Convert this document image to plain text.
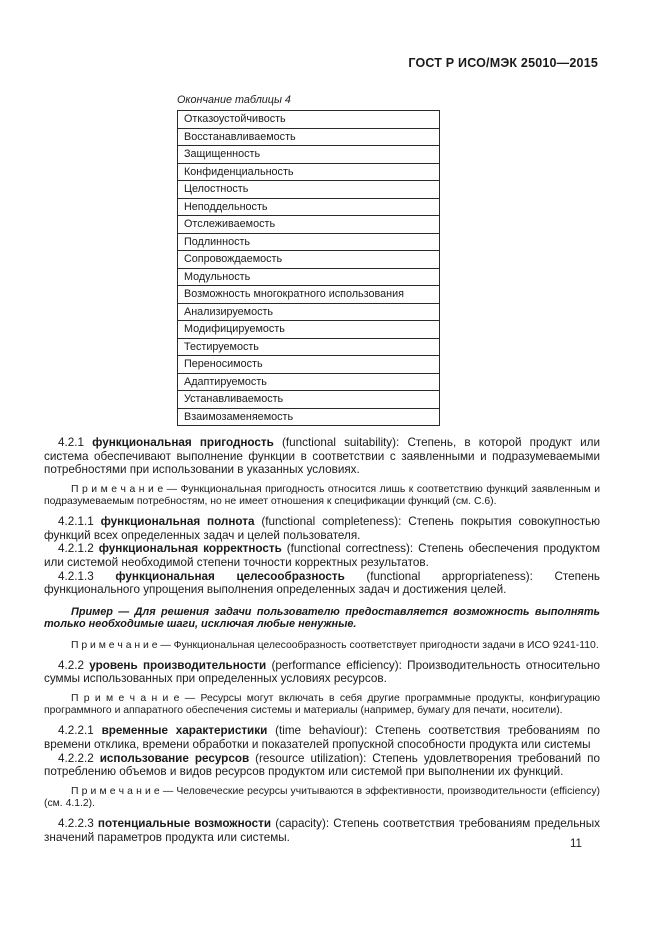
ГОСТ Р ИСО/МЭК 25010—2015
Окончание таблицы 4
Отказоустойчивость
Восстанавливаемость
Защищенность
Конфиденциальность
Целостность
Неподдельность
Отслеживаемость
Подлинность
Сопровождаемость
Модульность
Возможность многократного использования
Анализируемость
Модифицируемость
Тестируемость
Переносимость
Адаптируемость
Устанавливаемость
Взаимозаменяемость

4.2.1 функциональная пригодность (functional suitability): Степень, в которой продукт или система обеспечивают выполнение функции в соответствии с заявленными и подразумеваемыми потребностями при использовании в указанных условиях.

П р и м е ч а н и е — Функциональная пригодность относится лишь к соответствию функций заявленным и подразумеваемым потребностям, но не имеет отношения к спецификации функций (см. С.6).

4.2.1.1 функциональная полнота (functional completeness): Степень покрытия совокупностью функций всех определенных задач и целей пользователя.

4.2.1.2 функциональная корректность (functional correctness): Степень обеспечения продуктом или системой необходимой степени точности корректных результатов.

4.2.1.3 функциональная целесообразность (functional appropriateness): Степень функционального упрощения выполнения определенных задач и достижения целей.

Пример — Для решения задачи пользователю предоставляется возможность выполнять только необходимые шаги, исключая любые ненужные.

П р и м е ч а н и е — Функциональная целесообразность соответствует пригодности задачи в ИСО 9241-110.

4.2.2 уровень производительности (performance efficiency): Производительность относительно суммы использованных при определенных условиях ресурсов.

П р и м е ч а н и е — Ресурсы могут включать в себя другие программные продукты, конфигурацию программного и аппаратного обеспечения системы и материалы (например, бумагу для печати, носители).

4.2.2.1 временные характеристики (time behaviour): Степень соответствия требованиям по времени отклика, времени обработки и показателей пропускной способности продукта или системы

4.2.2.2 использование ресурсов (resource utilization): Степень удовлетворения требований по потреблению объемов и видов ресурсов продуктом или системой при выполнении их функций.

П р и м е ч а н и е — Человеческие ресурсы учитываются в эффективности, производительности (efficiency) (см. 4.1.2).

4.2.2.3 потенциальные возможности (capacity): Степень соответствия требованиям предельных значений параметров продукта или системы.

11
